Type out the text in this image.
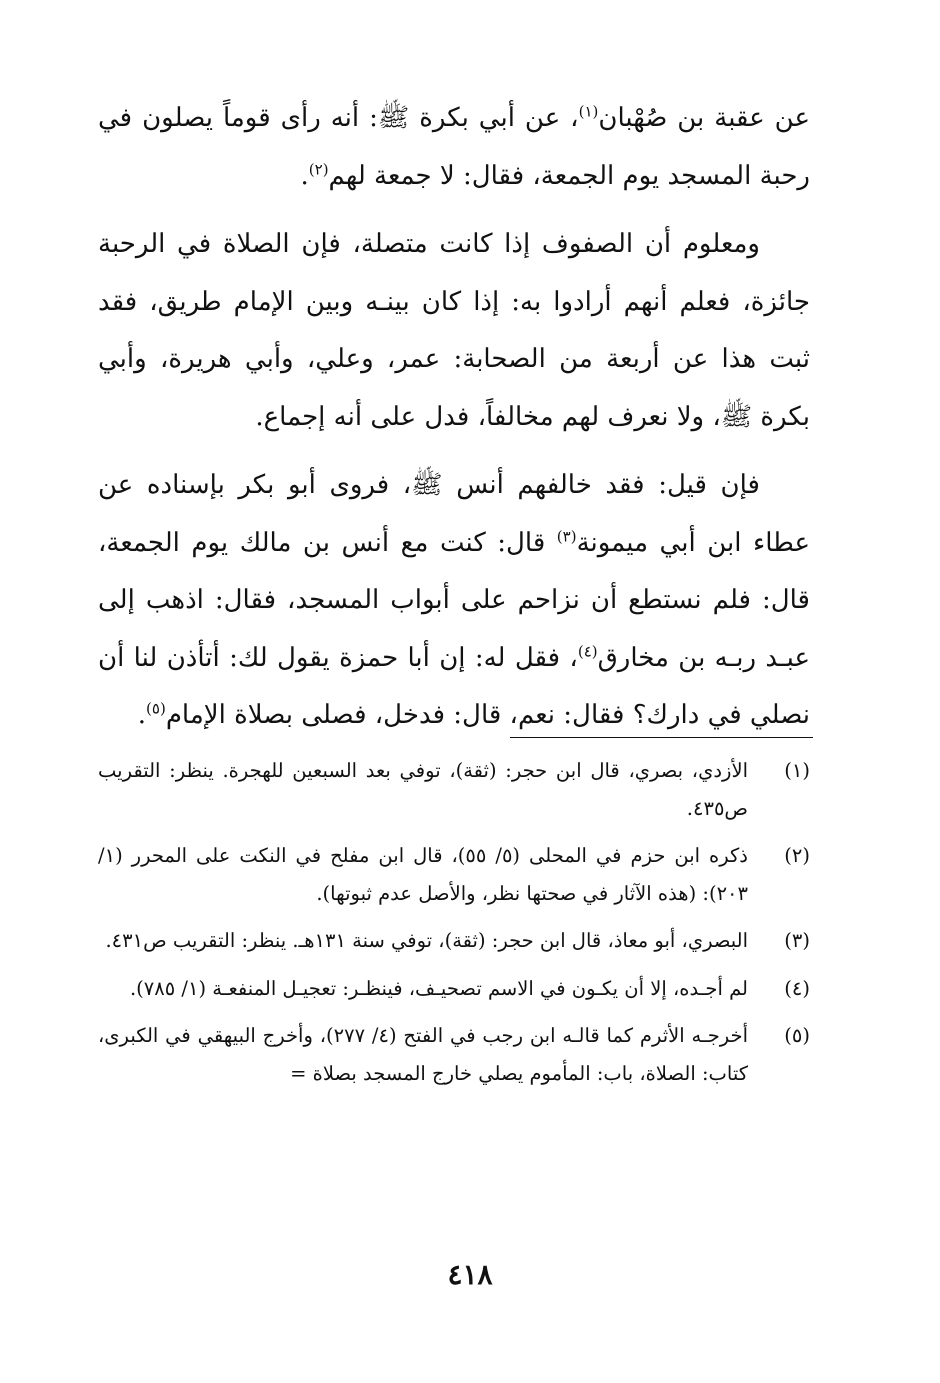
عن عقبة بن صُهْبان$^{(١)}$، عن أبي بكرة ﷺ: أنه رأى قوماً يصلون في رحبة المسجد يوم الجمعة، فقال: لا جمعة لهم$^{(٢)}$.

ومعلوم أن الصفوف إذا كانت متصلة، فإن الصلاة في الرحبة جائزة، فعلم أنهم أرادوا به: إذا كان بينـه وبين الإمام طريق، فقد ثبت هذا عن أربعة من الصحابة: عمر، وعلي، وأبي هريرة، وأبي بكرة ﷺ، ولا نعرف لهم مخالفاً، فدل على أنه إجماع.

فإن قيل: فقد خالفهم أنس ﷺ، فروى أبو بكر بإسناده عن عطاء ابن أبي ميمونة$^{(٣)}$ قال: كنت مع أنس بن مالك يوم الجمعة، قال: فلم نستطع أن نزاحم على أبواب المسجد، فقال: اذهب إلى عبـد ربـه بن مخارق$^{(٤)}$، فقل له: إن أبا حمزة يقول لك: أتأذن لنا أن نصلي في دارك؟ فقال: نعم، قال: فدخل، فصلى بصلاة الإمام$^{(٥)}$.

(١)
الأزدي، بصري، قال ابن حجر: (ثقة)، توفي بعد السبعين للهجرة. ينظر: التقريب ص٤٣٥.
(٢)
ذكره ابن حزم في المحلى (٥/ ٥٥)، قال ابن مفلح في النكت على المحرر (١/ ٢٠٣): (هذه الآثار في صحتها نظر، والأصل عدم ثبوتها).
(٣)
البصري، أبو معاذ، قال ابن حجر: (ثقة)، توفي سنة ١٣١هـ. ينظر: التقريب ص٤٣١.
(٤)
لم أجـده، إلا أن يكـون في الاسم تصحيـف، فينظـر: تعجيـل المنفعـة (١/ ٧٨٥).
(٥)
أخرجـه الأثرم كما قالـه ابن رجب في الفتح (٤/ ٢٧٧)، وأخرج البيهقي في الكبرى، كتاب: الصلاة، باب: المأموم يصلي خارج المسجد بصلاة =
٤١٨
